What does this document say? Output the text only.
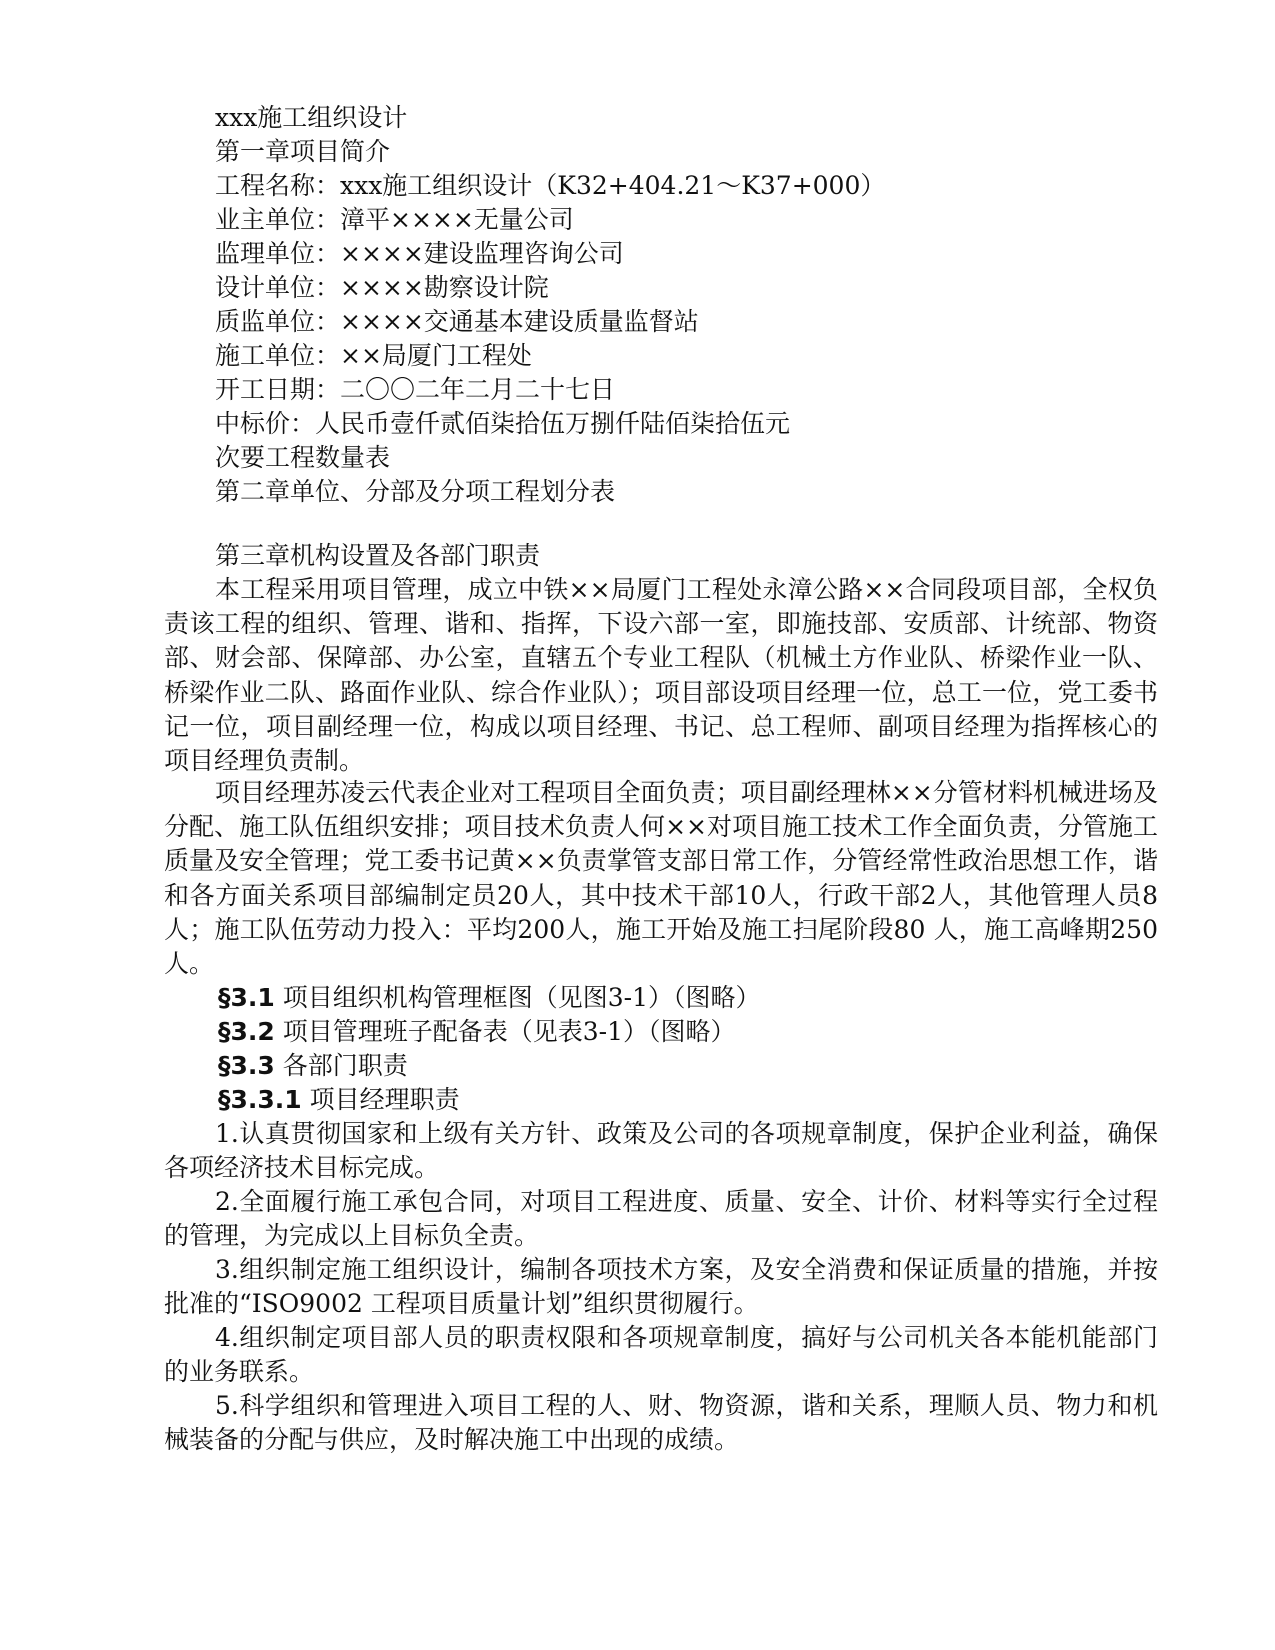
xxx施工组织设计
第一章项目简介
工程名称：xxx施工组织设计（K32+404.21～K37+000）
业主单位：漳平××××无量公司
监理单位：××××建设监理咨询公司
设计单位：××××勘察设计院
质监单位：××××交通基本建设质量监督站
施工单位：××局厦门工程处
开工日期：二〇〇二年二月二十七日
中标价：人民币壹仟贰佰柒拾伍万捌仟陆佰柒拾伍元
次要工程数量表
第二章单位、分部及分项工程划分表
第三章机构设置及各部门职责
本工程采用项目管理，成立中铁××局厦门工程处永漳公路××合同段项目部，全权负责该工程的组织、管理、谐和、指挥，下设六部一室，即施技部、安质部、计统部、物资部、财会部、保障部、办公室，直辖五个专业工程队（机械土方作业队、桥梁作业一队、桥梁作业二队、路面作业队、综合作业队）；项目部设项目经理一位，总工一位，党工委书记一位，项目副经理一位，构成以项目经理、书记、总工程师、副项目经理为指挥核心的项目经理负责制。
项目经理苏凌云代表企业对工程项目全面负责；项目副经理林××分管材料机械进场及分配、施工队伍组织安排；项目技术负责人何××对项目施工技术工作全面负责，分管施工质量及安全管理；党工委书记黄××负责掌管支部日常工作，分管经常性政治思想工作，谐和各方面关系项目部编制定员20人，其中技术干部10人，行政干部2人，其他管理人员8人；施工队伍劳动力投入：平均200人，施工开始及施工扫尾阶段80 人，施工高峰期250 人。
§3.1 项目组织机构管理框图（见图3-1）（图略）
§3.2 项目管理班子配备表（见表3-1）（图略）
§3.3 各部门职责
§3.3.1 项目经理职责
1.认真贯彻国家和上级有关方针、政策及公司的各项规章制度，保护企业利益，确保各项经济技术目标完成。
2.全面履行施工承包合同，对项目工程进度、质量、安全、计价、材料等实行全过程的管理，为完成以上目标负全责。
3.组织制定施工组织设计，编制各项技术方案，及安全消费和保证质量的措施，并按批准的“ISO9002 工程项目质量计划”组织贯彻履行。
4.组织制定项目部人员的职责权限和各项规章制度，搞好与公司机关各本能机能部门的业务联系。
5.科学组织和管理进入项目工程的人、财、物资源，谐和关系，理顺人员、物力和机械装备的分配与供应，及时解决施工中出现的成绩。
